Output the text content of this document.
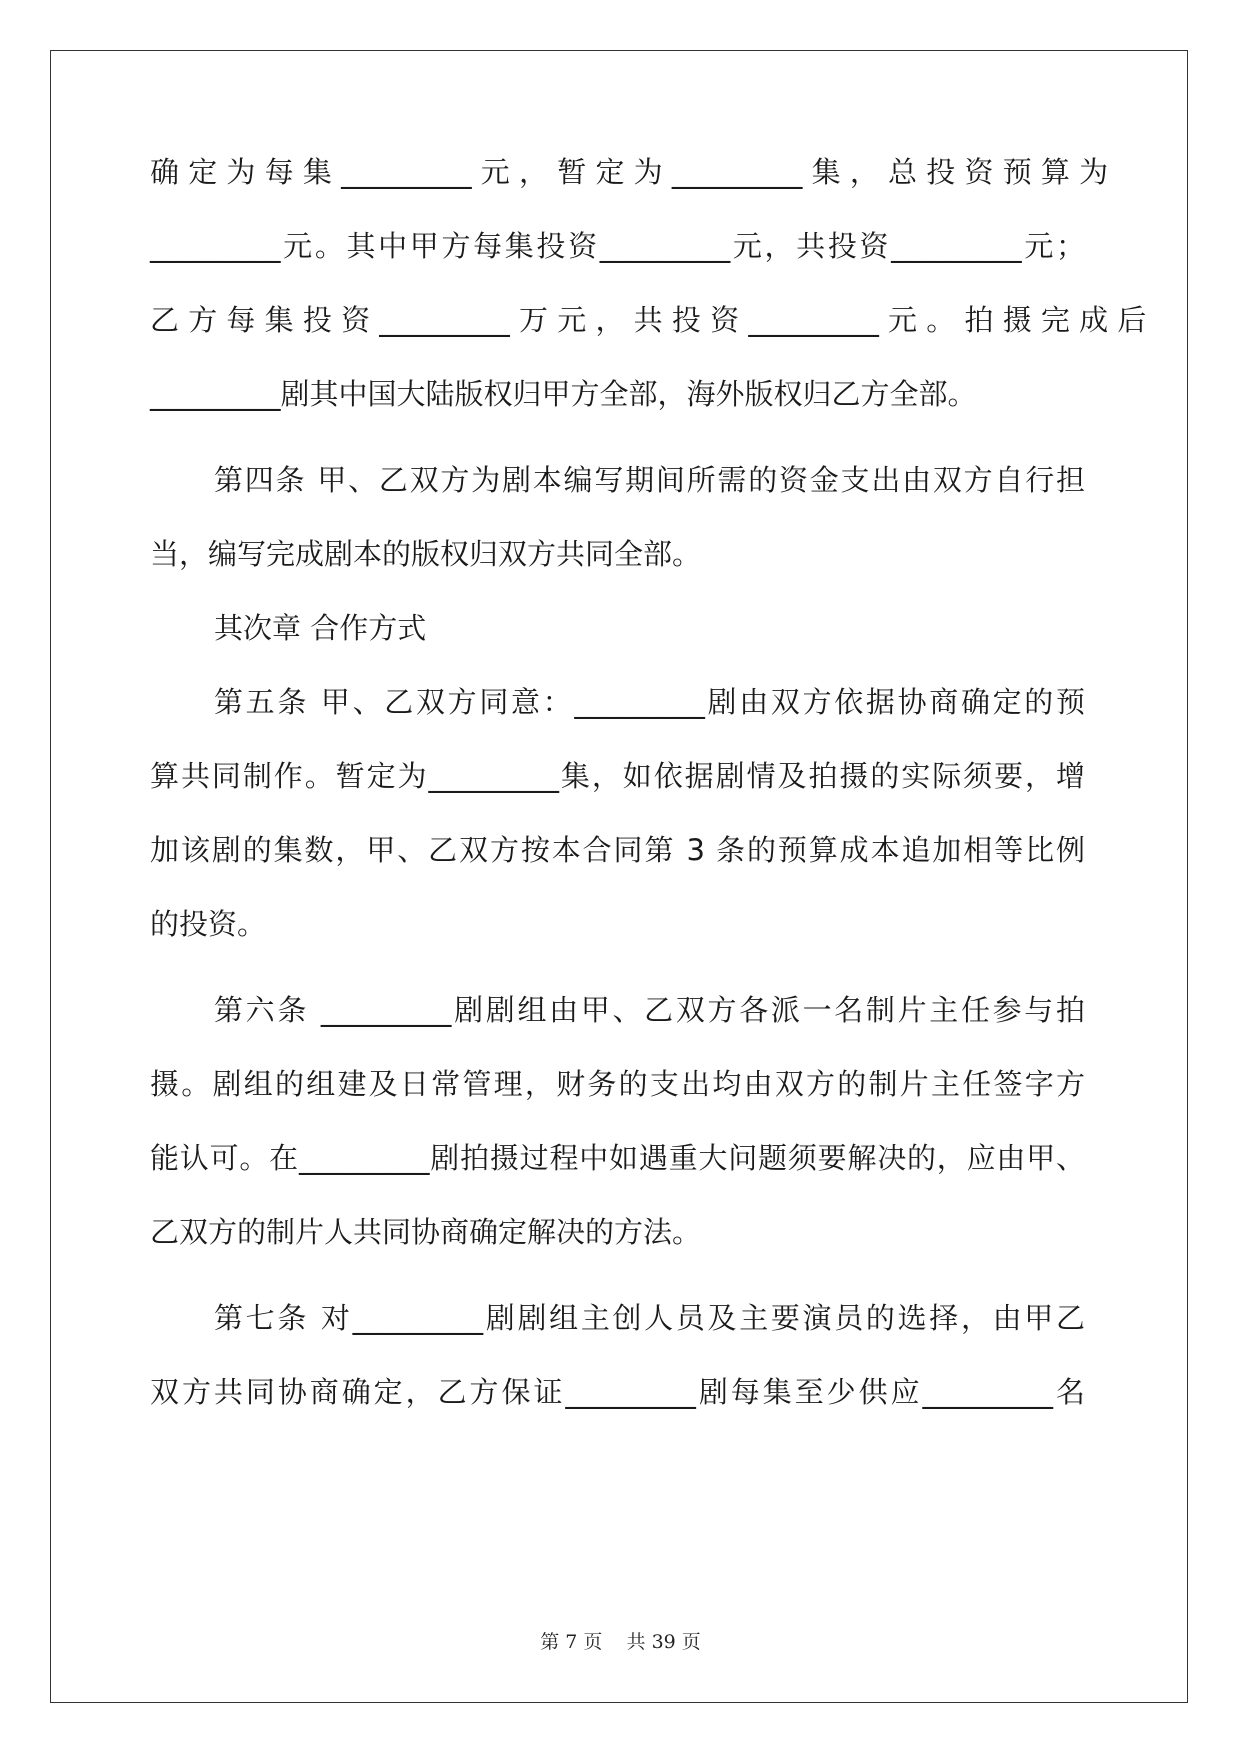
确 定 为 每 集 _________ 元 ， 暂 定 为 _________ 集 ， 总 投 资 预 算 为
_________元。其中甲方每集投资_________元，共投资_________元；
乙 方 每 集 投 资 _________ 万 元 ， 共 投 资 _________ 元 。 拍 摄 完 成 后
_________剧其中国大陆版权归甲方全部，海外版权归乙方全部。
第四条 甲、乙双方为剧本编写期间所需的资金支出由双方自行担
当，编写完成剧本的版权归双方共同全部。
其次章 合作方式
第五条 甲、乙双方同意：_________剧由双方依据协商确定的预
算共同制作。暂定为_________集，如依据剧情及拍摄的实际须要，增
加该剧的集数，甲、乙双方按本合同第 3 条的预算成本追加相等比例
的投资。
第六条 _________剧剧组由甲、乙双方各派一名制片主任参与拍
摄。剧组的组建及日常管理，财务的支出均由双方的制片主任签字方
能认可。在_________剧拍摄过程中如遇重大问题须要解决的，应由甲、
乙双方的制片人共同协商确定解决的方法。
第七条 对_________剧剧组主创人员及主要演员的选择，由甲乙
双方共同协商确定，乙方保证_________剧每集至少供应_________名
第 7 页    共 39 页
